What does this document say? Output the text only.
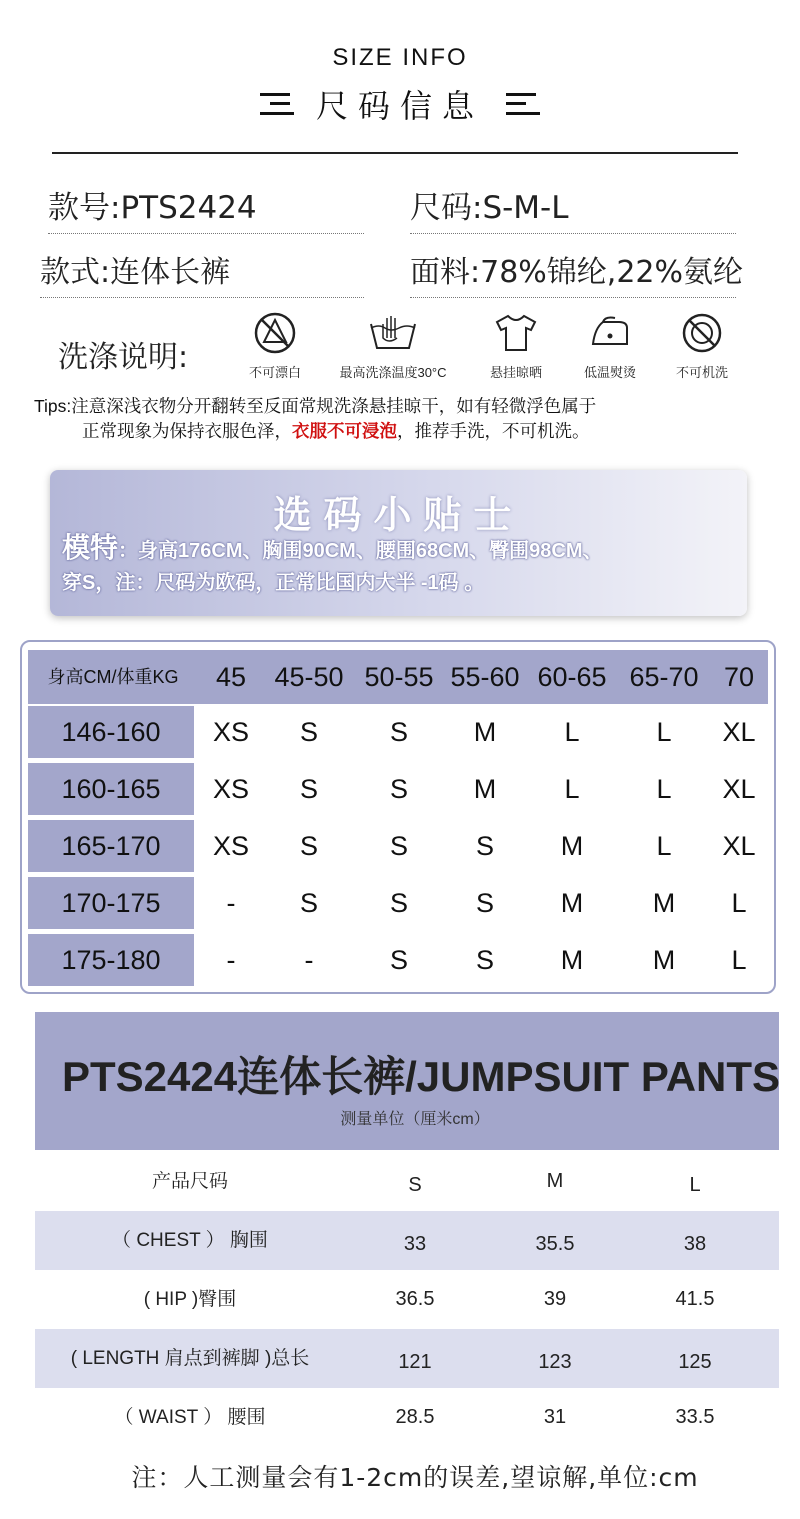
SIZE INFO
尺码信息
款号:PTS2424	尺码:S-M-L
款式:连体长裤	面料:78%锦纶,22%氨纶
洗涤说明:	不可漂白	最高洗涤温度30°C	悬挂晾晒	低温熨烫	不可机洗
Tips:注意深浅衣物分开翻转至反面常规洗涤悬挂晾干，如有轻微浮色属于
正常现象为保持衣服色泽，衣服不可浸泡，推荐手洗，不可机洗。
选码小贴士
模特：身高176CM、胸围90CM、腰围68CM、臀围98CM、
穿S，注：尺码为欧码，正常比国内大半 -1码 。
身高CM/体重KG	45	45-50 50-55 55-60 60-65 65-70 70
146-160	XS	S	S	M	L	L	XL
160-165	XS	S	S	M	L	L	XL
165-170	XS	S	S	S	M	L	XL
170-175	-	S	S	S	M	M	L
175-180	-	-	S	S	M	M	L
PTS2424连体长裤/JUMPSUIT PANTS
测量单位（厘米cm）
产品尺码	S	M	L
（ CHEST ） 胸围	33	35.5	38
( HIP )臀围	36.5	39	41.5
( LENGTH 肩点到裤脚 )总长	121	123	125
（ WAIST ） 腰围	28.5	31	33.5
注：人工测量会有1-2cm的误差,望谅解,单位:cm
